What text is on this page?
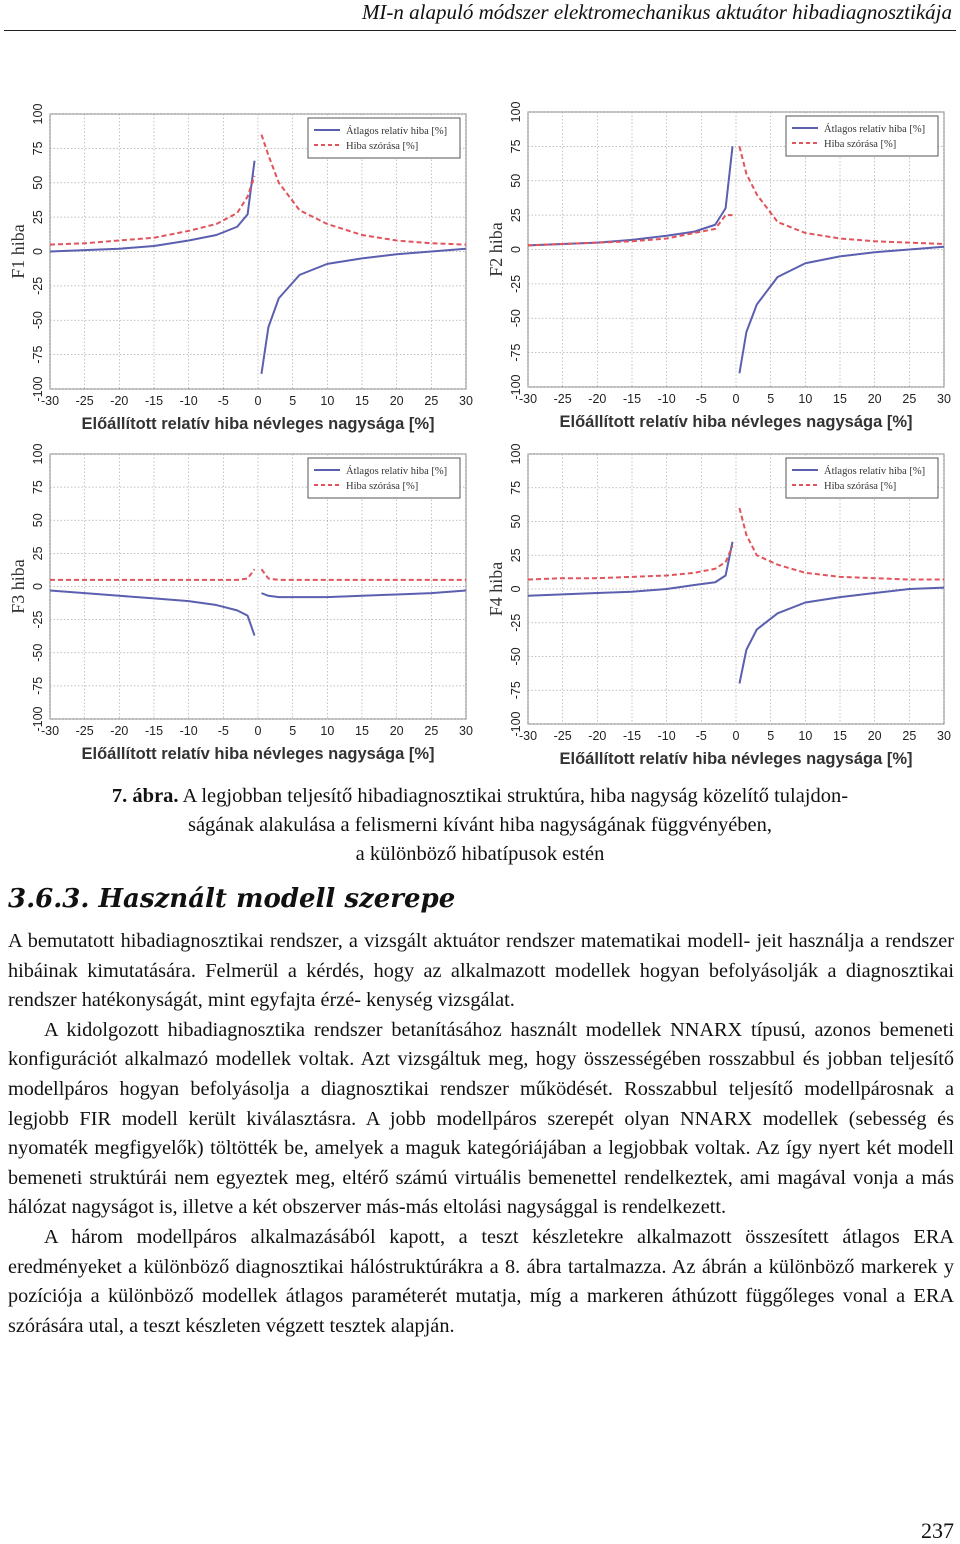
MI-n alapuló módszer elektromechanikus aktuátor hibadiagnosztikája
-30 -25 -20 -15 -10 -5 0 5 10 15 20 25 30
-100
-75
-50
-25
0
25
50
75
100
Előállított relatív hiba névleges nagysága [%]
F1 hiba
Átlagos relatív hiba [%]
Hiba szórása [%]
-30 -25 -20 -15 -10 -5 0 5 10 15 20 25 30
-100
-75
-50
-25
0
25
50
75
100
Előállított relatív hiba névleges nagysága [%]
F2 hiba
Átlagos relatív hiba [%]
Hiba szórása [%]
-30 -25 -20 -15 -10 -5 0 5 10 15 20 25 30
-100
-75
-50
-25
0
25
50
75
100
Előállított relatív hiba névleges nagysága [%]
F3 hiba
Átlagos relatív hiba [%]
Hiba szórása [%]
-30 -25 -20 -15 -10 -5 0 5 10 15 20 25 30
-100
-75
-50
-25
0
25
50
75
100
Előállított relatív hiba névleges nagysága [%]
F4 hiba
Átlagos relatív hiba [%]
Hiba szórása [%]
7. ábra. A legjobban teljesítő hibadiagnosztikai struktúra, hiba nagyság közelítő tulajdon-
ságának alakulása a felismerni kívánt hiba nagyságának függvényében,
a különböző hibatípusok estén
3.6.3. Használt modell szerepe

A bemutatott hibadiagnosztikai rendszer, a vizsgált aktuátor rendszer matematikai modell- jeit használja a rendszer hibáinak kimutatására. Felmerül a kérdés, hogy az alkalmazott modellek hogyan befolyásolják a diagnosztikai rendszer hatékonyságát, mint egyfajta érzé- kenység vizsgálat.

A kidolgozott hibadiagnosztika rendszer betanításához használt modellek NNARX típusú, azonos bemeneti konfigurációt alkalmazó modellek voltak. Azt vizsgáltuk meg, hogy összességében rosszabbul és jobban teljesítő modellpáros hogyan befolyásolja a diagnosztikai rendszer működését. Rosszabbul teljesítő modellpárosnak a legjobb FIR modell került kiválasztásra. A jobb modellpáros szerepét olyan NNARX modellek (sebesség és nyomaték megfigyelők) töltötték be, amelyek a maguk kategóriájában a legjobbak voltak. Az így nyert két modell bemeneti struktúrái nem egyeztek meg, eltérő számú virtuális bemenettel rendelkeztek, ami magával vonja a más hálózat nagyságot is, illetve a két obszerver más-más eltolási nagysággal is rendelkezett.

A három modellpáros alkalmazásából kapott, a teszt készletekre alkalmazott összesített átlagos ERA eredményeket a különböző diagnosztikai hálóstruktúrákra a 8. ábra tartalmazza. Az ábrán a különböző markerek y pozíciója a különböző modellek átlagos paraméterét mutatja, míg a markeren áthúzott függőleges vonal a ERA szórására utal, a teszt készleten végzett tesztek alapján.

237
